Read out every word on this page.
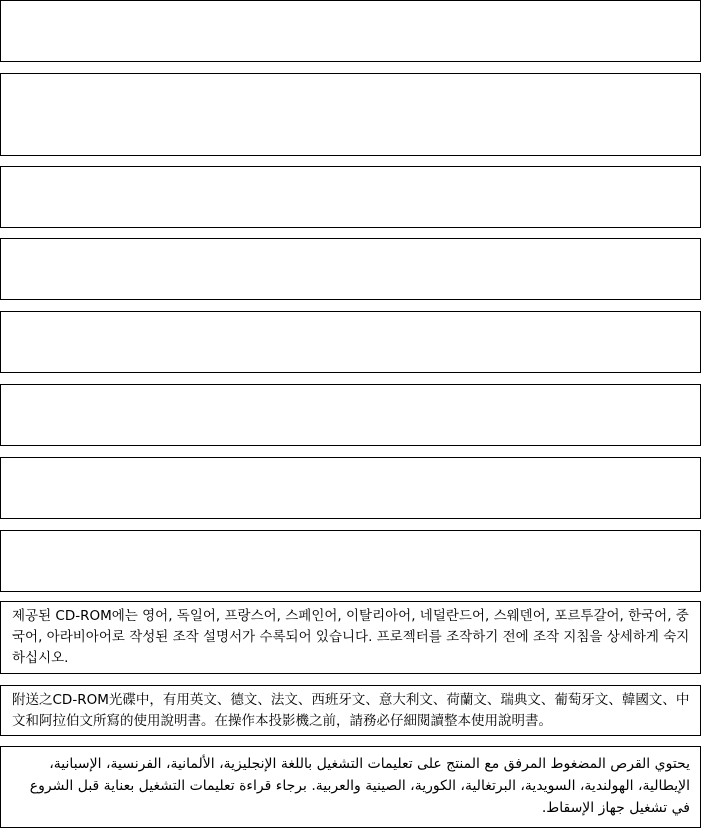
제공된 CD-ROM에는 영어, 독일어, 프랑스어, 스페인어, 이탈리아어, 네덜란드어, 스웨덴어, 포르투갈어, 한국어, 중국어, 아라비아어로 작성된 조작 설명서가 수록되어 있습니다. 프로젝터를 조작하기 전에 조작 지침을 상세하게 숙지하십시오.
附送之CD-ROM光碟中，有用英文、德文、法文、西班牙文、意大利文、荷蘭文、瑞典文、葡萄牙文、韓國文、中文和阿拉伯文所寫的使用說明書。在操作本投影機之前，請務必仔細閱讀整本使用說明書。
يحتوي القرص المضغوط المرفق مع المنتج على تعليمات التشغيل باللغة الإنجليزية، الألمانية، الفرنسية، الإسبانية، الإيطالية، الهولندية، السويدية، البرتغالية، الكورية، الصينية والعربية. برجاء قراءة تعليمات التشغيل بعناية قبل الشروع في تشغيل جهاز الإسقاط.
